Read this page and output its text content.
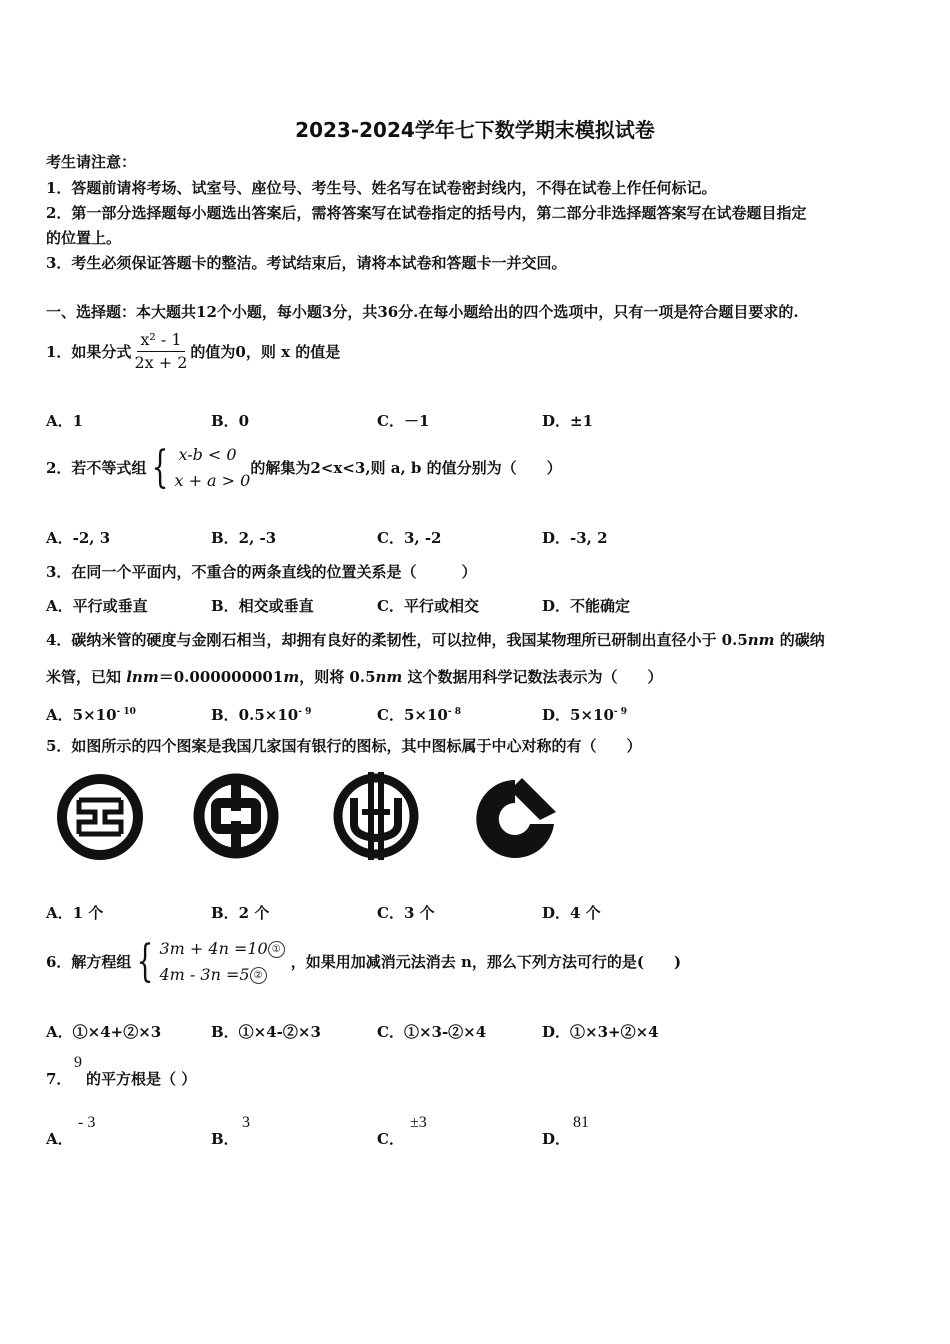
2023-2024学年七下数学期末模拟试卷
考生请注意：
1．答题前请将考场、试室号、座位号、考生号、姓名写在试卷密封线内，不得在试卷上作任何标记。
2．第一部分选择题每小题选出答案后，需将答案写在试卷指定的括号内，第二部分非选择题答案写在试卷题目指定
的位置上。
3．考生必须保证答题卡的整洁。考试结束后，请将本试卷和答题卡一并交回。
一、选择题：本大题共12个小题，每小题3分，共36分.在每小题给出的四个选项中，只有一项是符合题目要求的.
1．如果分式 $\frac{\text{x² - 1}}{2x + 2}$ 的值为0，则 x 的值是
A．1	B．0	C．－1	D．±1
2．若不等式组 { x-b < 0
x + a > 0
的解集为2<x<3,则 a, b 的值分别为（　　）
A．-2, 3	B．2, -3	C．3, -2	D．-3, 2
3．在同一个平面内，不重合的两条直线的位置关系是（　　　）
A．平行或垂直	B．相交或垂直	C．平行或相交	D．不能确定
4．碳纳米管的硬度与金刚石相当，却拥有良好的柔韧性，可以拉伸，我国某物理所已研制出直径小于 0.5nm 的碳纳
米管，已知 lnm＝0.000000001m，则将 0.5nm 这个数据用科学记数法表示为（　　）
A．$5\times 10^{- 10}$	B．$0.5\times 10^{- 9}$	C．$5\times 10^{- 8}$	D．$5\times 10^{- 9}$
5．如图所示的四个图案是我国几家国有银行的图标，其中图标属于中心对称的有（　　）
A．1 个	B．2 个	C．3 个	D．4 个
6．解方程组 { 3m + 4n =10 ①
4m - 3n =5 ②
，如果用加减消元法消去 n，那么下列方法可行的是(　　)
A．①×4+②×3	B．①×4-②×3	C．①×3-②×4	D．①×3+②×4
7．
9
的平方根是（ ）
A．
- 3
B．
3
C．
±3
D．
81
